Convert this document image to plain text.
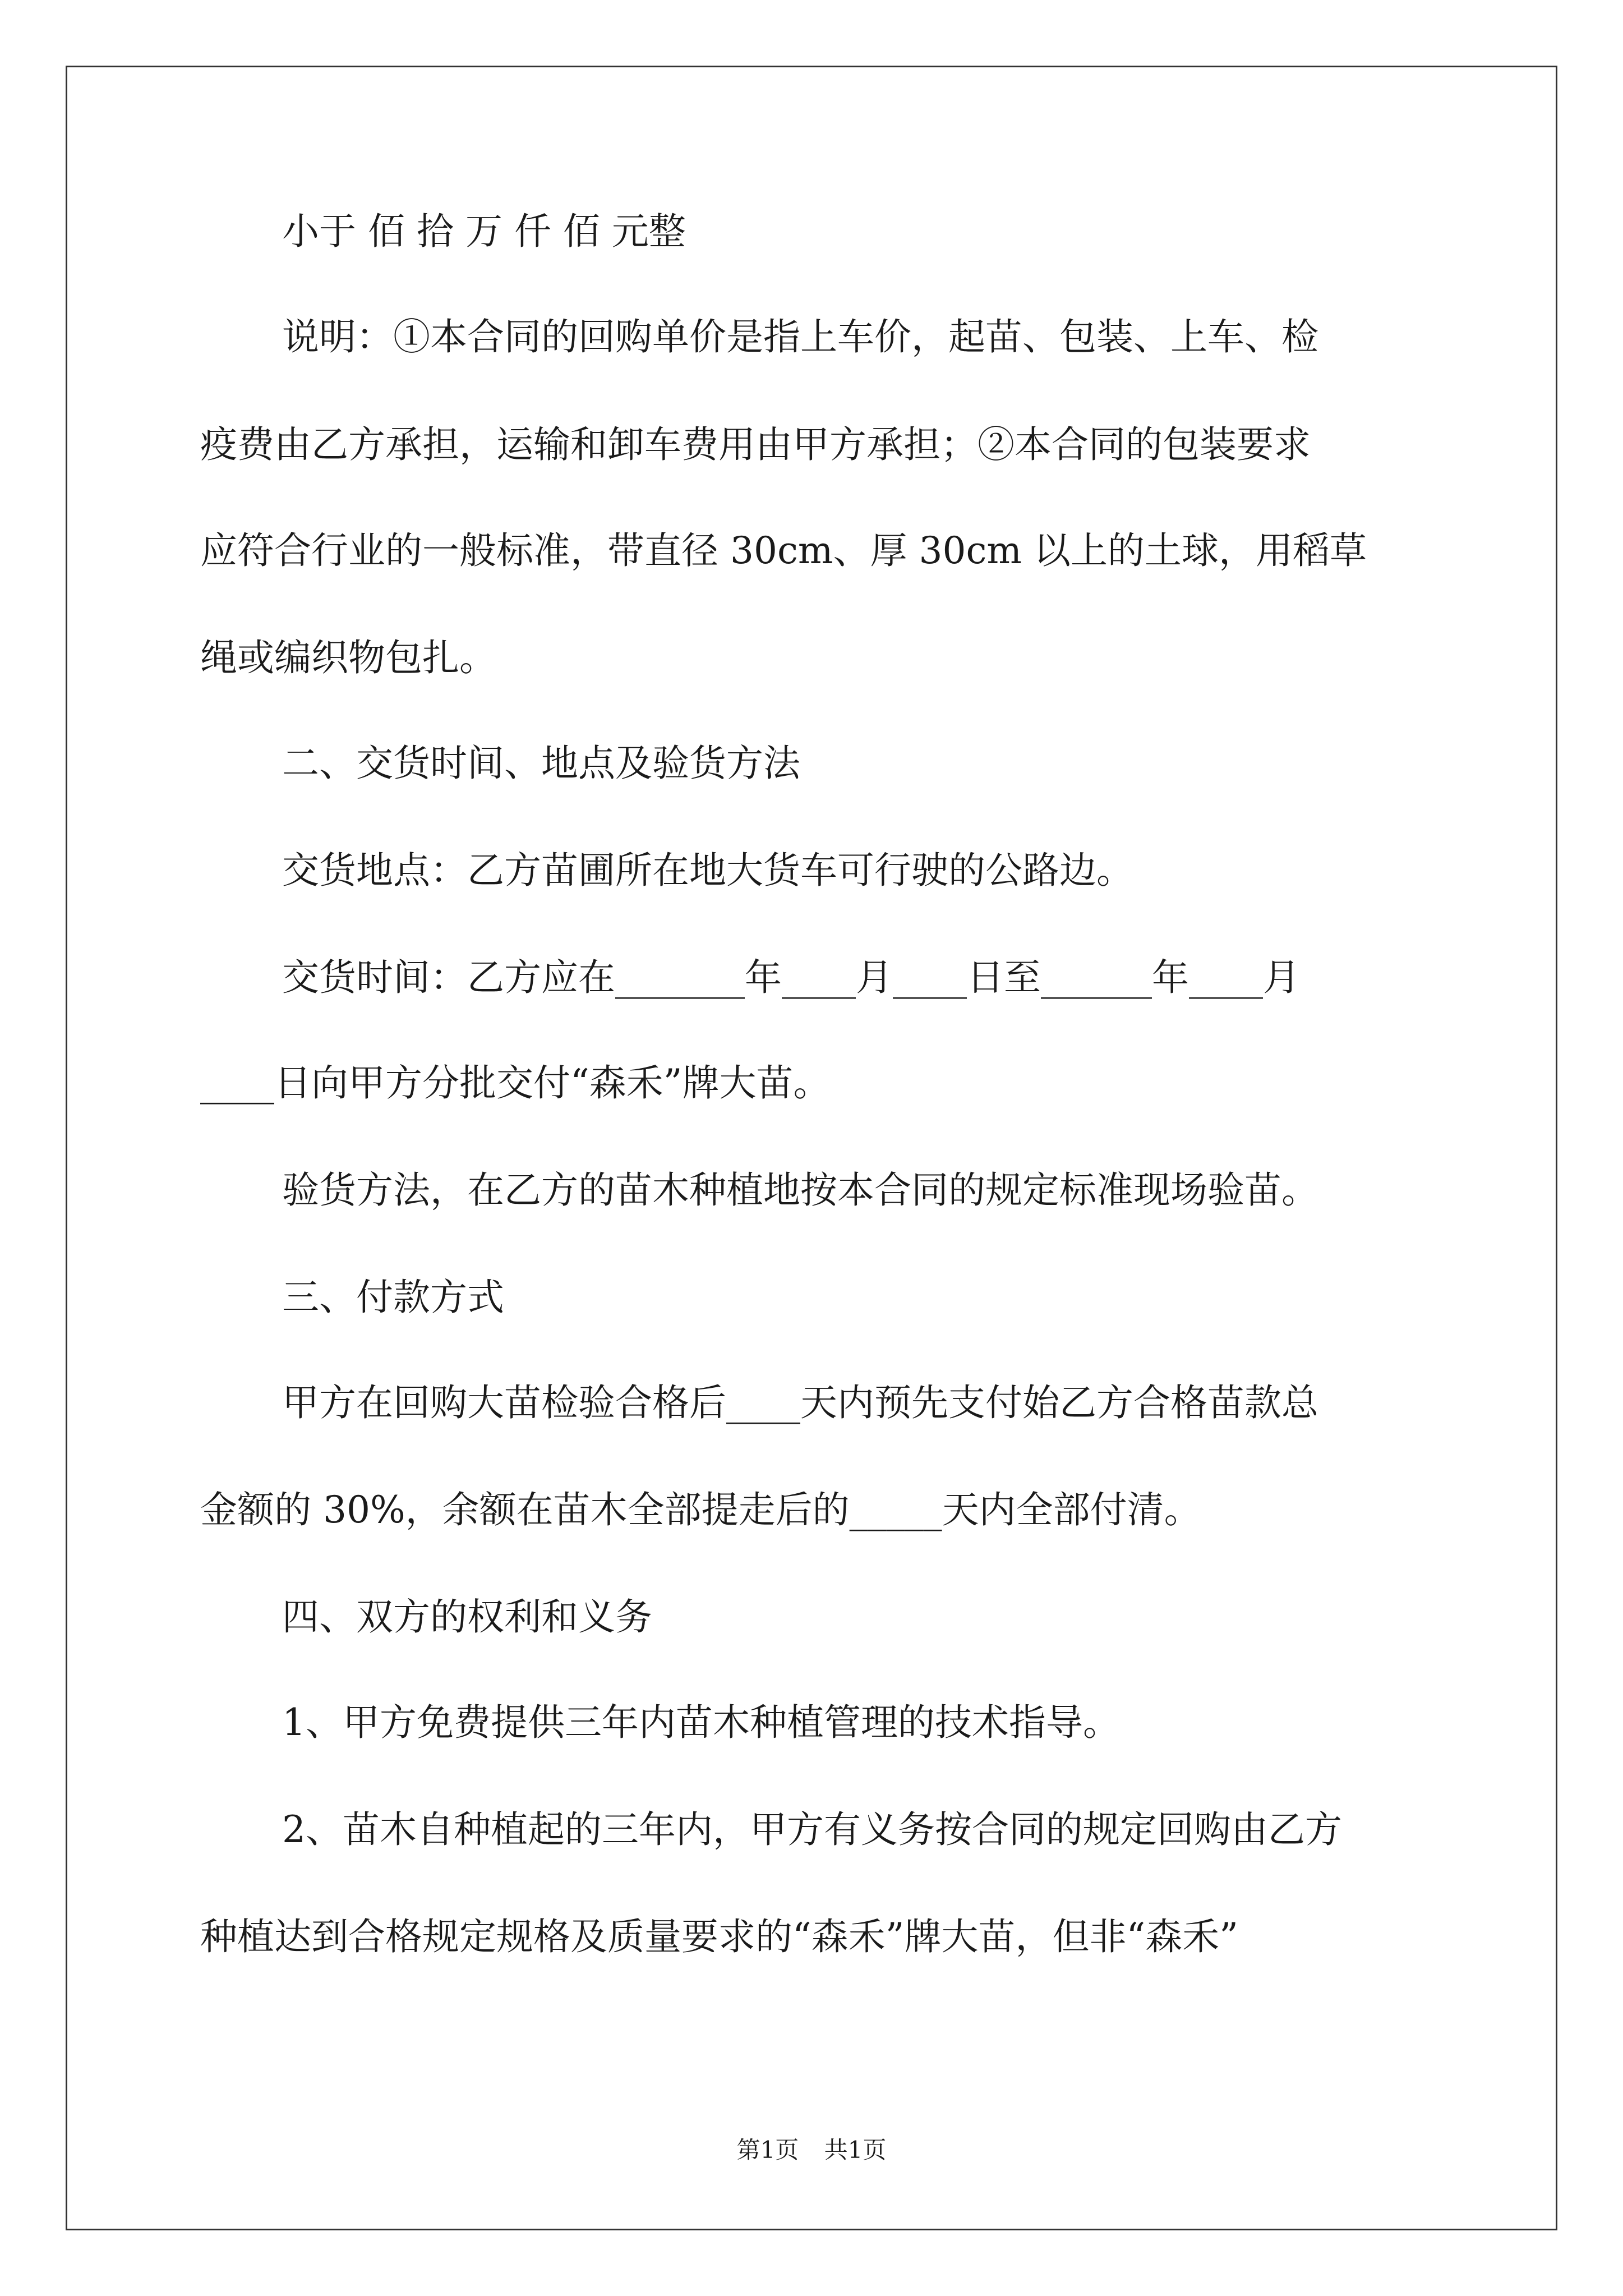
小于 佰 拾 万 仟 佰 元整
说明：①本合同的回购单价是指上车价，起苗、包装、上车、检
疫费由乙方承担，运输和卸车费用由甲方承担；②本合同的包装要求
应符合行业的一般标准，带直径 30cm、厚 30cm 以上的土球，用稻草
绳或编织物包扎。
二、交货时间、地点及验货方法
交货地点：乙方苗圃所在地大货车可行驶的公路边。
交货时间：乙方应在_______年____月____日至______年____月
____日向甲方分批交付“森禾”牌大苗。
验货方法，在乙方的苗木种植地按本合同的规定标准现场验苗。
三、付款方式
甲方在回购大苗检验合格后____天内预先支付始乙方合格苗款总
金额的 30%，余额在苗木全部提走后的_____天内全部付清。
四、双方的权利和义务
1、甲方免费提供三年内苗木种植管理的技术指导。
2、苗木自种植起的三年内，甲方有义务按合同的规定回购由乙方
种植达到合格规定规格及质量要求的“森禾”牌大苗，但非“森禾”
第1页 共1页
